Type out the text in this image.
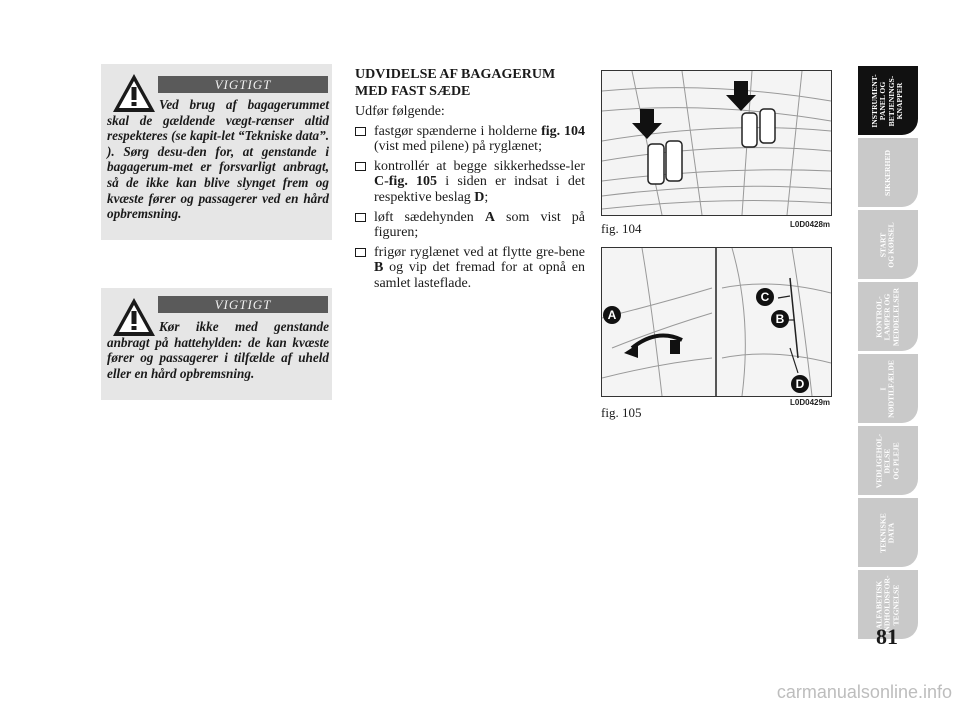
VIGTIGT

Ved brug af bagagerummet skal de gældende vægt-rænser altid respekteres (se kapit-let “Tekniske data”. ). Sørg desu-den for, at genstande i bagagerum-met er forsvarligt anbragt, så de ikke kan blive slynget frem og kvæste fører og passagerer ved en hård opbremsning.

VIGTIGT

Kør ikke med genstande anbragt på hattehylden: de kan kvæste fører og passagerer i tilfælde af uheld eller en hård opbremsning.

UDVIDELSE AF BAGAGERUM
MED FAST SÆDE

Udfør følgende:

fastgør spænderne i holderne fig. 104 (vist med pilene) på ryglænet;
kontrollér at begge sikkerhedsse-ler C-fig. 105 i siden er indsat i det respektive beslag D;
løft sædehynden A som vist på figuren;
frigør ryglænet ved at flytte gre-bene B og vip det fremad for at opnå en samlet lasteflade.
L0D0428m
fig. 104
A	B
C
D
L0D0429m
fig. 105
INSTRUMENT-
PANEL OG
BETJENINGS-
KNAPPER
SIKKERHED
START
OG KØRSEL
KONTROL-
LAMPER OG
MEDDELELSER
I
NØDTILFÆLDE
VEDLIGEHOL-
DELSE
OG PLEJE
TEKNISKE
DATA
ALFABETISK
INDHOLDSFOR-
TEGNELSE
81
carmanualsonline.info
